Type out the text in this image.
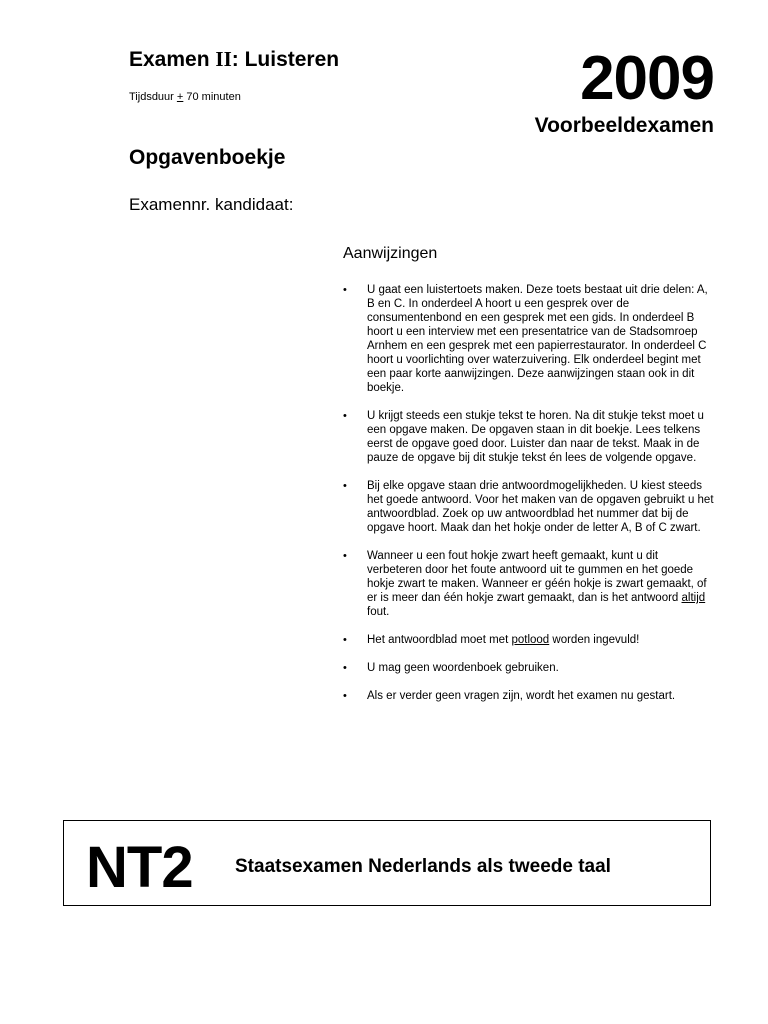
Examen II: Luisteren
Tijdsduur + 70 minuten	2009
Voorbeeldexamen
Opgavenboekje
Examennr. kandidaat:
Aanwijzingen
•	U gaat een luistertoets maken. Deze toets bestaat uit drie delen: A, B en C. In onderdeel A hoort u een gesprek over de consumentenbond en een gesprek met een gids. In onderdeel B hoort u een interview met een presentatrice van de Stadsomroep Arnhem en een gesprek met een papierrestaurator. In onderdeel C hoort u voorlichting over waterzuivering. Elk onderdeel begint met een paar korte aanwijzingen. Deze aanwijzingen staan ook in dit boekje.
•	U krijgt steeds een stukje tekst te horen. Na dit stukje tekst moet u een opgave maken. De opgaven staan in dit boekje. Lees telkens eerst de opgave goed door. Luister dan naar de tekst. Maak in de pauze de opgave bij dit stukje tekst én lees de volgende opgave.
•	Bij elke opgave staan drie antwoordmogelijkheden. U kiest steeds het goede antwoord. Voor het maken van de opgaven gebruikt u het antwoordblad. Zoek op uw antwoordblad het nummer dat bij de opgave hoort. Maak dan het hokje onder de letter A, B of C zwart.
•	Wanneer u een fout hokje zwart heeft gemaakt, kunt u dit verbeteren door het foute antwoord uit te gummen en het goede hokje zwart te maken. Wanneer er géén hokje is zwart gemaakt, of er is meer dan één hokje zwart gemaakt, dan is het antwoord altijd fout.
•	Het antwoordblad moet met potlood worden ingevuld!
•	U mag geen woordenboek gebruiken.
•	Als er verder geen vragen zijn, wordt het examen nu gestart.
NT2 Staatsexamen Nederlands als tweede taal
